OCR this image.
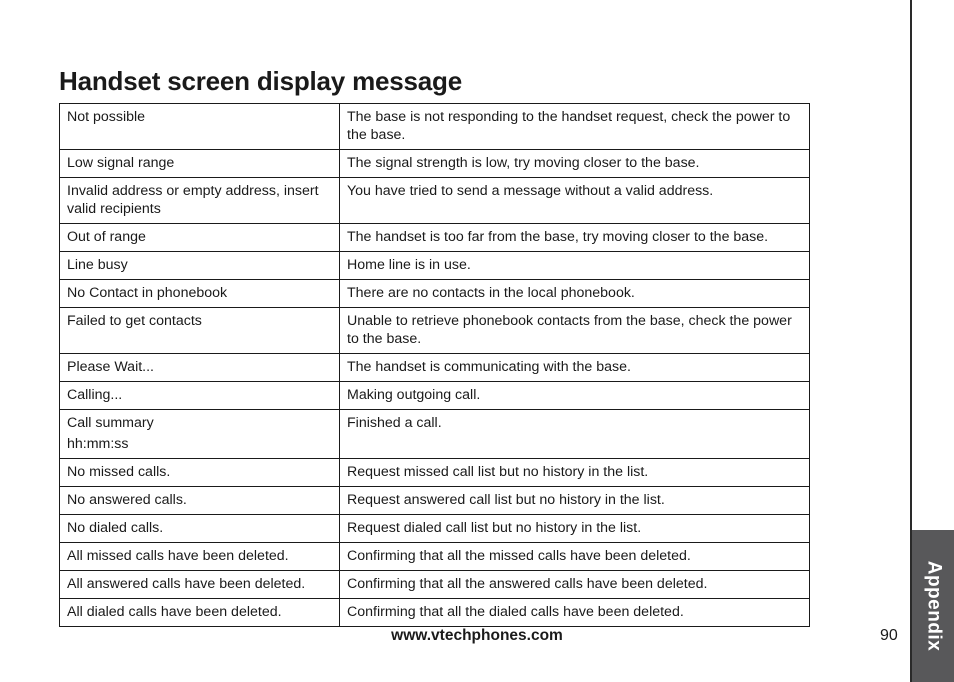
Appendix
Handset screen display message
Not possible	The base is not responding to the handset request, check the power to the base.

Low signal range	The signal strength is low, try moving closer to the base.

Invalid address or empty address, insert valid recipients	You have tried to send a message without a valid address.

Out of range	The handset is too far from the base, try moving closer to the base.

Line busy	Home line is in use.

No Contact in phonebook	There are no contacts in the local phonebook.

Failed to get contacts	Unable to retrieve phonebook contacts from the base, check the power to the base.

Please Wait...	The handset is communicating with the base.

Calling...	Making outgoing call.

Call summary
hh:mm:ss	Finished a call.

No missed calls.	Request missed call list but no history in the list.

No answered calls.	Request answered call list but no history in the list.

No dialed calls.	Request dialed call list but no history in the list.

All missed calls have been deleted.	Confirming that all the missed calls have been deleted.

All answered calls have been deleted.	Confirming that all the answered calls have been deleted.

All dialed calls have been deleted.	Confirming that all the dialed calls have been deleted.
www.vtechphones.com	90
